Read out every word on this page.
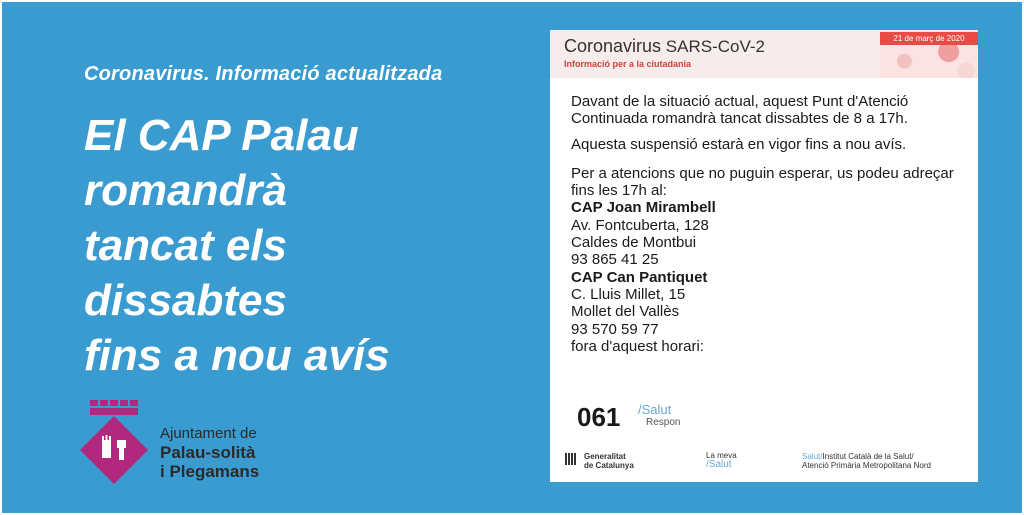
Coronavirus. Informació actualitzada
El CAP Palau
romandrà
tancat els
dissabtes
fins a nou avís
Ajuntament de
Palau-solità
i Plegamans
21 de març de 2020
Coronavirus SARS-CoV-2
Informació per a la ciutadania

Davant de la situació actual, aquest Punt d'Atenció Continuada romandrà tancat dissabtes de 8 a 17h.

Aquesta suspensió estarà en vigor fins a nou avís.

Per a atencions que no puguin esperar, us podeu adreçar fins les 17h al:

CAP Joan Mirambell

Av. Fontcuberta, 128

Caldes de Montbui

93 865 41 25

CAP Can Pantiquet

C. Lluis Millet, 15

Mollet del Vallès

93 570 59 77

fora d'aquest horari:

061 /Salut
Respon
Generalitat
de Catalunya
La meva
/Salut
Salut/Institut Català de la Salut/
Atenció Primària Metropolitana Nord
